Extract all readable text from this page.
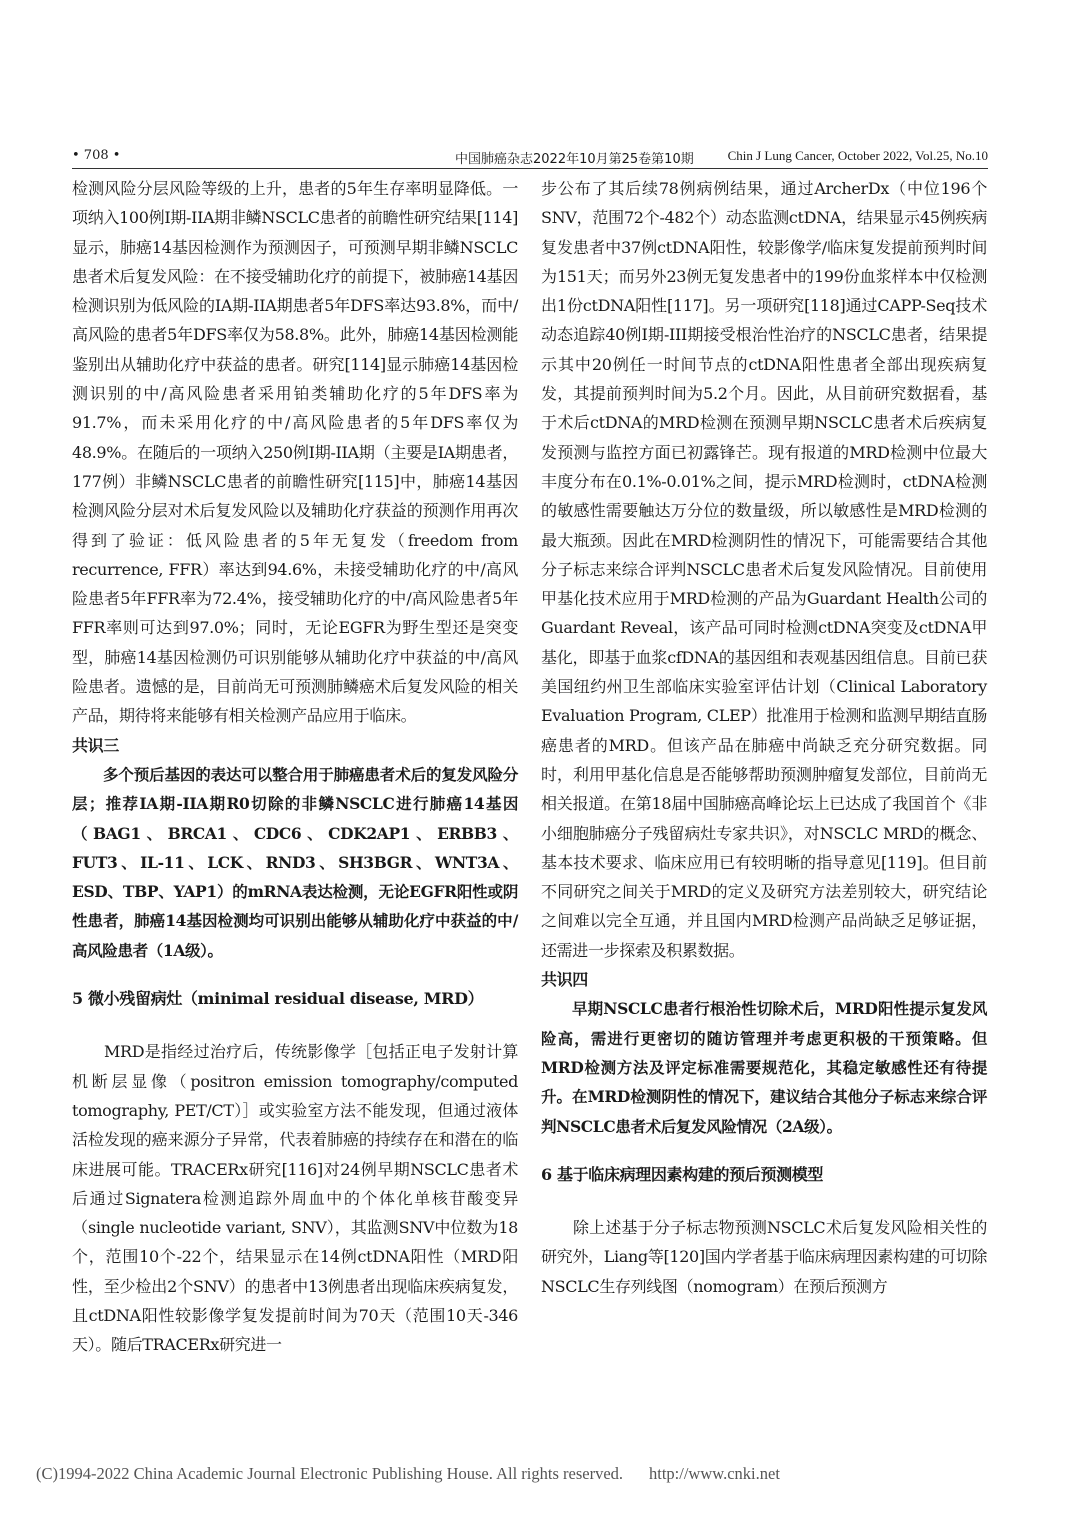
• 708 •	中国肺癌杂志2022年10月第25卷第10期	Chin J Lung Cancer, October 2022, Vol.25, No.10

检测风险分层风险等级的上升，患者的5年生存率明显降低。一项纳入100例I期-IIA期非鳞NSCLC患者的前瞻性研究结果[114]显示，肺癌14基因检测作为预测因子，可预测早期非鳞NSCLC患者术后复发风险：在不接受辅助化疗的前提下，被肺癌14基因检测识别为低风险的IA期-IIA期患者5年DFS率达93.8%，而中/高风险的患者5年DFS率仅为58.8%。此外，肺癌14基因检测能鉴别出从辅助化疗中获益的患者。研究[114]显示肺癌14基因检测识别的中/高风险患者采用铂类辅助化疗的5年DFS率为91.7%，而未采用化疗的中/高风险患者的5年DFS率仅为48.9%。在随后的一项纳入250例I期-IIA期（主要是IA期患者，177例）非鳞NSCLC患者的前瞻性研究[115]中，肺癌14基因检测风险分层对术后复发风险以及辅助化疗获益的预测作用再次得到了验证：低风险患者的5年无复发（freedom from recurrence, FFR）率达到94.6%，未接受辅助化疗的中/高风险患者5年FFR率为72.4%，接受辅助化疗的中/高风险患者5年FFR率则可达到97.0%；同时，无论EGFR为野生型还是突变型，肺癌14基因检测仍可识别能够从辅助化疗中获益的中/高风险患者。遗憾的是，目前尚无可预测肺鳞癌术后复发风险的相关产品，期待将来能够有相关检测产品应用于临床。

共识三

多个预后基因的表达可以整合用于肺癌患者术后的复发风险分层；推荐IA期-IIA期R0切除的非鳞NSCLC进行肺癌14基因（BAG1、BRCA1、CDC6、CDK2AP1、ERBB3、FUT3、IL-11、LCK、RND3、SH3BGR、WNT3A、ESD、TBP、YAP1）的mRNA表达检测，无论EGFR阳性或阴性患者，肺癌14基因检测均可识别出能够从辅助化疗中获益的中/高风险患者（1A级）。

5 微小残留病灶（minimal residual disease, MRD）

MRD是指经过治疗后，传统影像学［包括正电子发射计算机断层显像（positron emission tomography/computed tomography, PET/CT）］或实验室方法不能发现，但通过液体活检发现的癌来源分子异常，代表着肺癌的持续存在和潜在的临床进展可能。TRACERx研究[116]对24例早期NSCLC患者术后通过Signatera检测追踪外周血中的个体化单核苷酸变异（single nucleotide variant, SNV），其监测SNV中位数为18个，范围10个-22个，结果显示在14例ctDNA阳性（MRD阳性，至少检出2个SNV）的患者中13例患者出现临床疾病复发，且ctDNA阳性较影像学复发提前时间为70天（范围10天-346天）。随后TRACERx研究进一

步公布了其后续78例病例结果，通过ArcherDx（中位196个SNV，范围72个-482个）动态监测ctDNA，结果显示45例疾病复发患者中37例ctDNA阳性，较影像学/临床复发提前预判时间为151天；而另外23例无复发患者中的199份血浆样本中仅检测出1份ctDNA阳性[117]。另一项研究[118]通过CAPP-Seq技术动态追踪40例I期-III期接受根治性治疗的NSCLC患者，结果提示其中20例任一时间节点的ctDNA阳性患者全部出现疾病复发，其提前预判时间为5.2个月。因此，从目前研究数据看，基于术后ctDNA的MRD检测在预测早期NSCLC患者术后疾病复发预测与监控方面已初露锋芒。现有报道的MRD检测中位最大丰度分布在0.1%-0.01%之间，提示MRD检测时，ctDNA检测的敏感性需要触达万分位的数量级，所以敏感性是MRD检测的最大瓶颈。因此在MRD检测阴性的情况下，可能需要结合其他分子标志来综合评判NSCLC患者术后复发风险情况。目前使用甲基化技术应用于MRD检测的产品为Guardant Health公司的Guardant Reveal，该产品可同时检测ctDNA突变及ctDNA甲基化，即基于血浆cfDNA的基因组和表观基因组信息。目前已获美国纽约州卫生部临床实验室评估计划（Clinical Laboratory Evaluation Program, CLEP）批准用于检测和监测早期结直肠癌患者的MRD。但该产品在肺癌中尚缺乏充分研究数据。同时，利用甲基化信息是否能够帮助预测肿瘤复发部位，目前尚无相关报道。在第18届中国肺癌高峰论坛上已达成了我国首个《非小细胞肺癌分子残留病灶专家共识》，对NSCLC MRD的概念、基本技术要求、临床应用已有较明晰的指导意见[119]。但目前不同研究之间关于MRD的定义及研究方法差别较大，研究结论之间难以完全互通，并且国内MRD检测产品尚缺乏足够证据，还需进一步探索及积累数据。

共识四

早期NSCLC患者行根治性切除术后，MRD阳性提示复发风险高，需进行更密切的随访管理并考虑更积极的干预策略。但MRD检测方法及评定标准需要规范化，其稳定敏感性还有待提升。在MRD检测阴性的情况下，建议结合其他分子标志来综合评判NSCLC患者术后复发风险情况（2A级）。

6 基于临床病理因素构建的预后预测模型

除上述基于分子标志物预测NSCLC术后复发风险相关性的研究外，Liang等[120]国内学者基于临床病理因素构建的可切除NSCLC生存列线图（nomogram）在预后预测方

(C)1994-2022 China Academic Journal Electronic Publishing House. All rights reserved. http://www.cnki.net
